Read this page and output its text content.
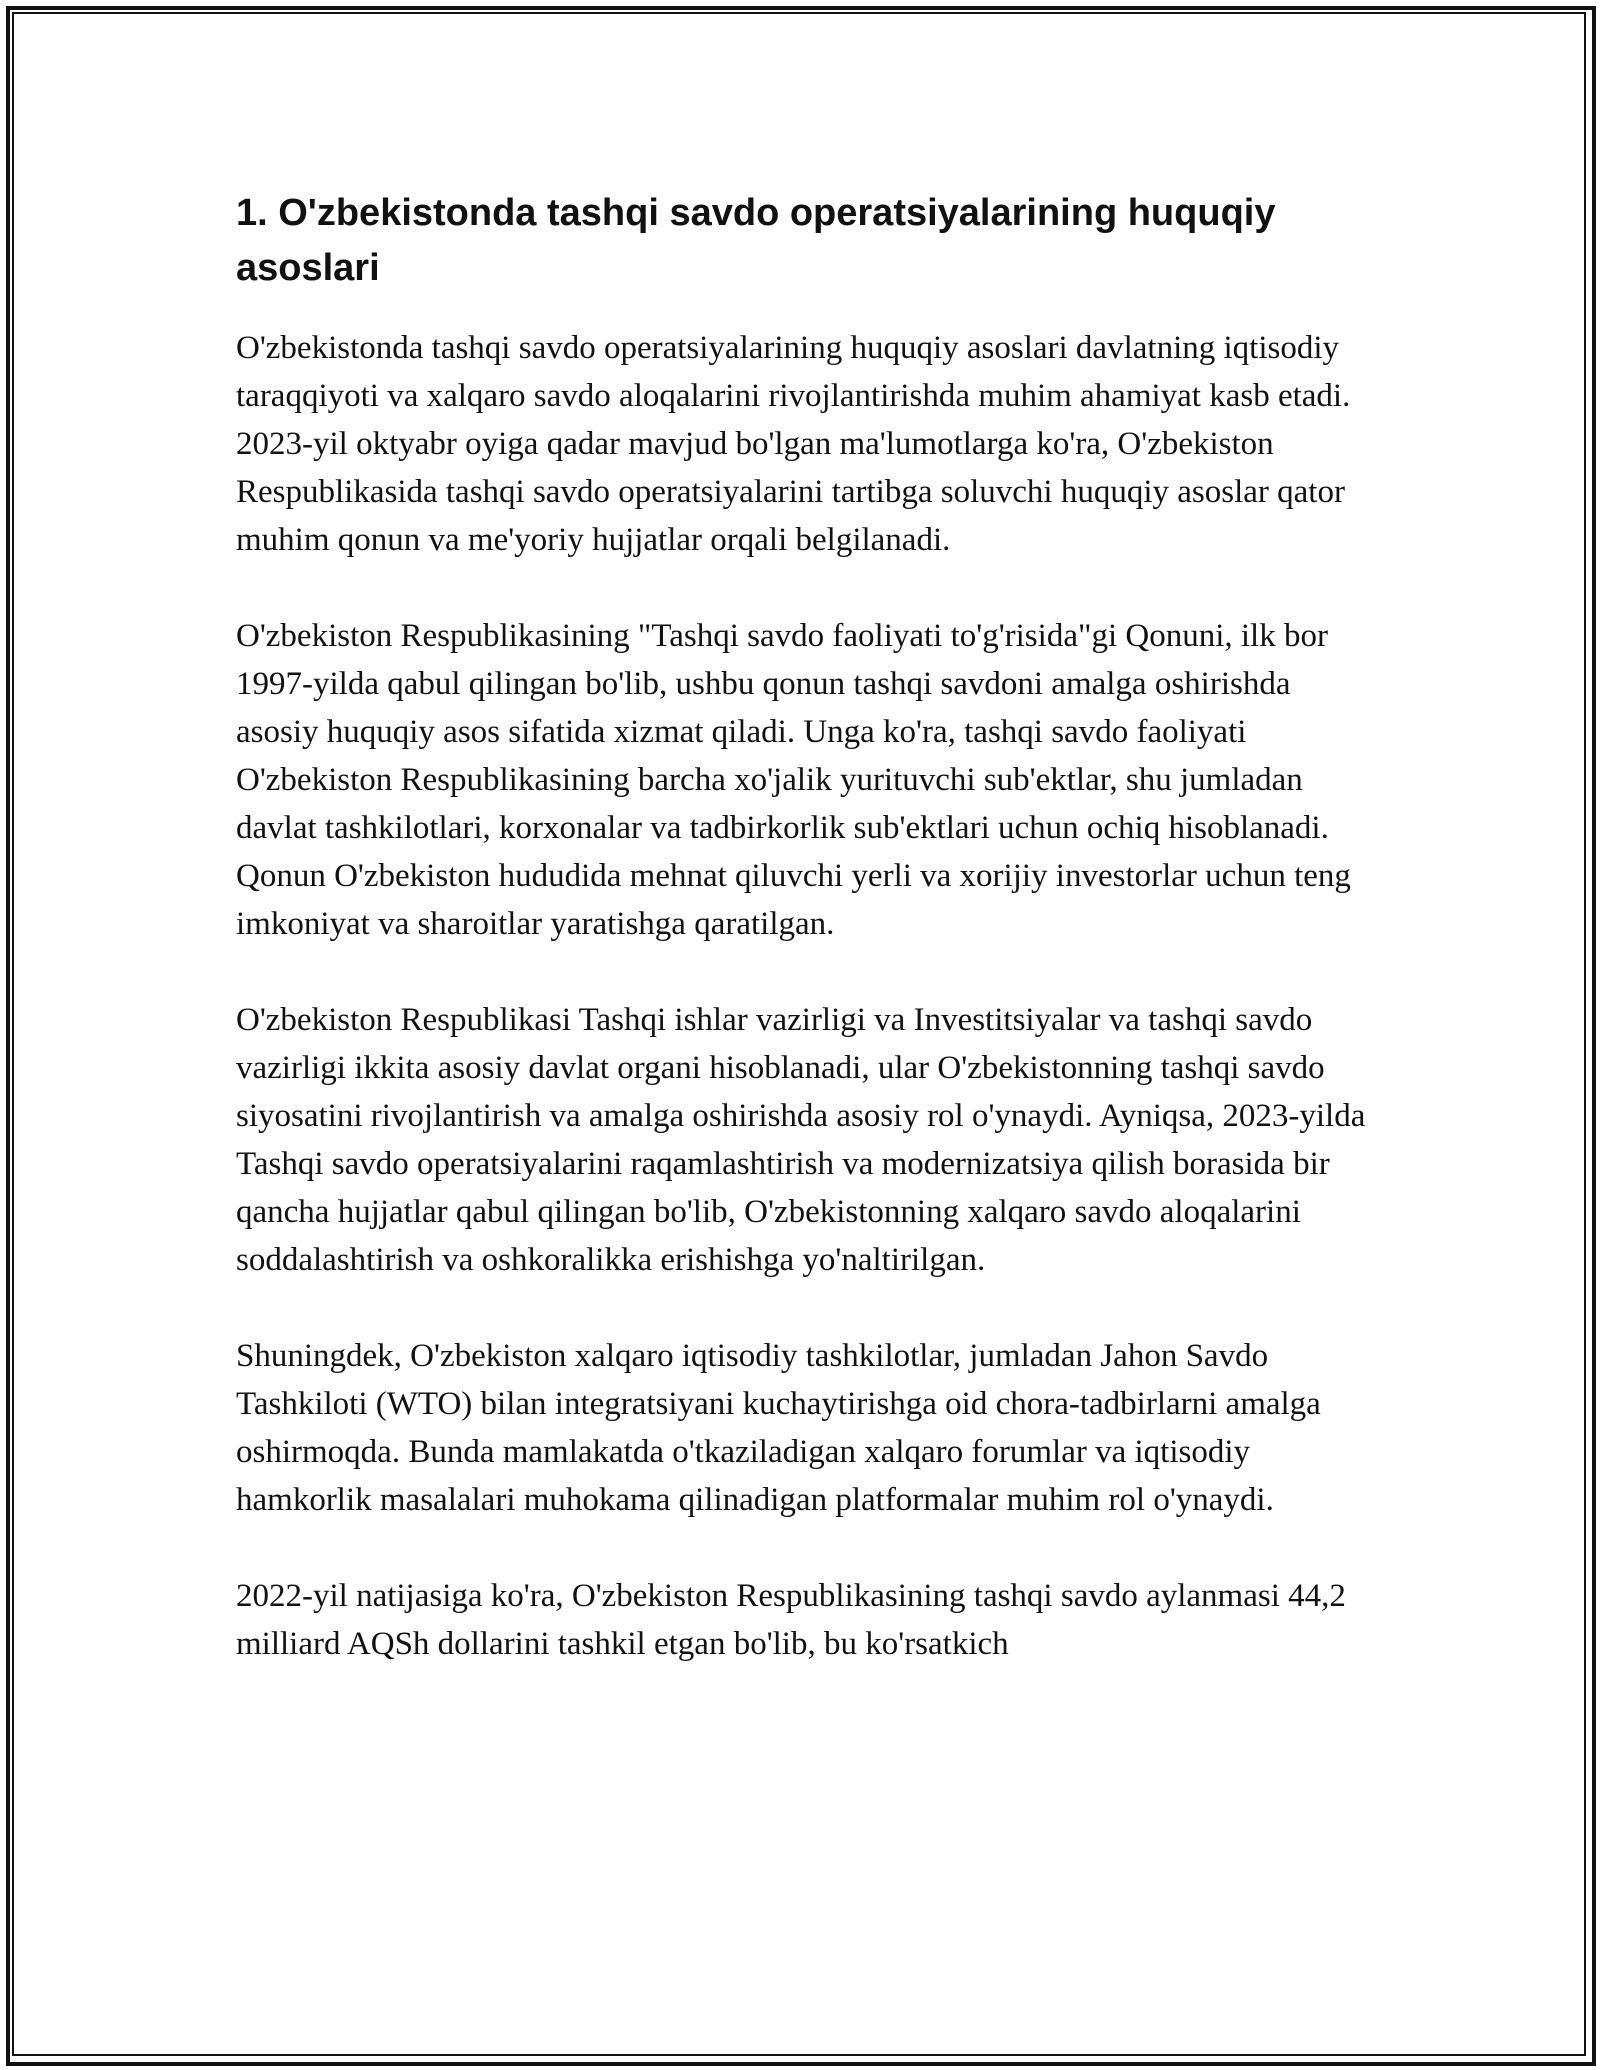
1. O'zbekistonda tashqi savdo operatsiyalarining huquqiy asoslari

O'zbekistonda tashqi savdo operatsiyalarining huquqiy asoslari davlatning iqtisodiy taraqqiyoti va xalqaro savdo aloqalarini rivojlantirishda muhim ahamiyat kasb etadi. 2023-yil oktyabr oyiga qadar mavjud bo'lgan ma'lumotlarga ko'ra, O'zbekiston Respublikasida tashqi savdo operatsiyalarini tartibga soluvchi huquqiy asoslar qator muhim qonun va me'yoriy hujjatlar orqali belgilanadi.

O'zbekiston Respublikasining "Tashqi savdo faoliyati to'g'risida"gi Qonuni, ilk bor 1997-yilda qabul qilingan bo'lib, ushbu qonun tashqi savdoni amalga oshirishda asosiy huquqiy asos sifatida xizmat qiladi. Unga ko'ra, tashqi savdo faoliyati O'zbekiston Respublikasining barcha xo'jalik yurituvchi sub'ektlar, shu jumladan davlat tashkilotlari, korxonalar va tadbirkorlik sub'ektlari uchun ochiq hisoblanadi. Qonun O'zbekiston hududida mehnat qiluvchi yerli va xorijiy investorlar uchun teng imkoniyat va sharoitlar yaratishga qaratilgan.

O'zbekiston Respublikasi Tashqi ishlar vazirligi va Investitsiyalar va tashqi savdo vazirligi ikkita asosiy davlat organi hisoblanadi, ular O'zbekistonning tashqi savdo siyosatini rivojlantirish va amalga oshirishda asosiy rol o'ynaydi. Ayniqsa, 2023-yilda Tashqi savdo operatsiyalarini raqamlashtirish va modernizatsiya qilish borasida bir qancha hujjatlar qabul qilingan bo'lib, O'zbekistonning xalqaro savdo aloqalarini soddalashtirish va oshkoralikka erishishga yo'naltirilgan.

Shuningdek, O'zbekiston xalqaro iqtisodiy tashkilotlar, jumladan Jahon Savdo Tashkiloti (WTO) bilan integratsiyani kuchaytirishga oid chora-tadbirlarni amalga oshirmoqda. Bunda mamlakatda o'tkaziladigan xalqaro forumlar va iqtisodiy hamkorlik masalalari muhokama qilinadigan platformalar muhim rol o'ynaydi.

2022-yil natijasiga ko'ra, O'zbekiston Respublikasining tashqi savdo aylanmasi 44,2 milliard AQSh dollarini tashkil etgan bo'lib, bu ko'rsatkich
